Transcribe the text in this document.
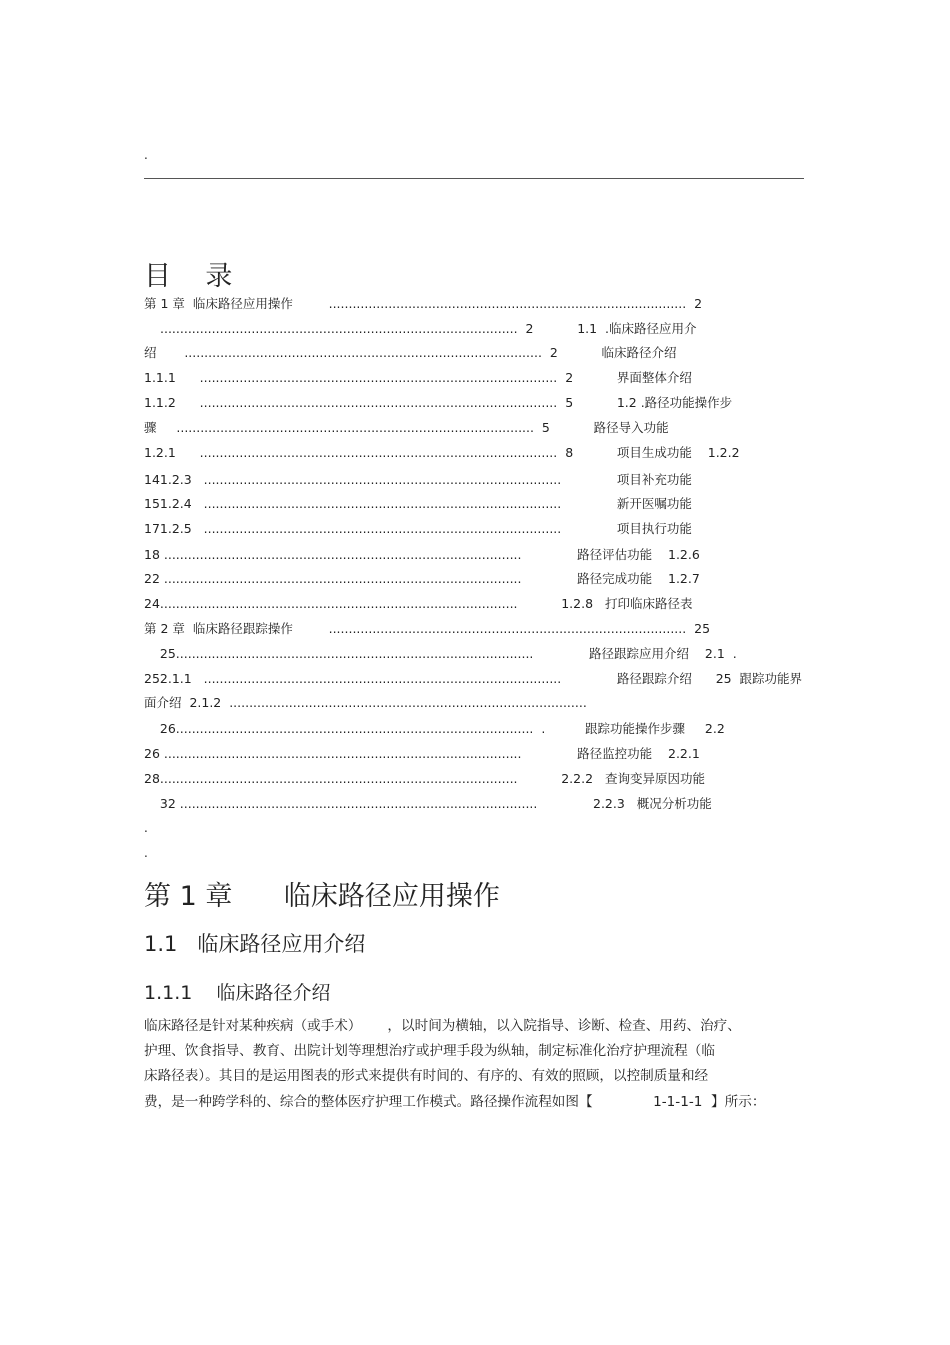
.
目    录
第 1 章  临床路径应用操作         ..........................................................................................  2
..........................................................................................  2           1.1  .临床路径应用介
绍       ..........................................................................................  2           临床路径介绍
1.1.1      ..........................................................................................  2           界面整体介绍
1.1.2      ..........................................................................................  5           1.2 .路径功能操作步
骤     ..........................................................................................  5           路径导入功能
1.2.1      ..........................................................................................  8           项目生成功能    1.2.2
141.2.3   ..........................................................................................              项目补充功能
151.2.4   ..........................................................................................              新开医嘱功能
171.2.5   ..........................................................................................              项目执行功能
18 ..........................................................................................              路径评估功能    1.2.6
22 ..........................................................................................              路径完成功能    1.2.7
24..........................................................................................           1.2.8   打印临床路径表
第 2 章  临床路径跟踪操作         ..........................................................................................  25
25..........................................................................................              路径跟踪应用介绍    2.1  .
252.1.1   ..........................................................................................              路径跟踪介绍      25  跟踪功能界
面介绍  2.1.2  ..........................................................................................
26..........................................................................................  .          跟踪功能操作步骤     2.2
26 ..........................................................................................              路径监控功能    2.2.1
28..........................................................................................           2.2.2   查询变异原因功能
32 ..........................................................................................              2.2.3   概况分析功能
.
.
第 1 章      临床路径应用操作
1.1   临床路径应用介绍
1.1.1    临床路径介绍
临床路径是针对某种疾病（或手术）      ，以时间为横轴，以入院指导、诊断、检查、用药、治疗、
护理、饮食指导、教育、出院计划等理想治疗或护理手段为纵轴，制定标准化治疗护理流程（临
床路径表）。其目的是运用图表的形式来提供有时间的、有序的、有效的照顾，以控制质量和经
费，是一种跨学科的、综合的整体医疗护理工作模式。路径操作流程如图【              1-1-1-1  】所示：
